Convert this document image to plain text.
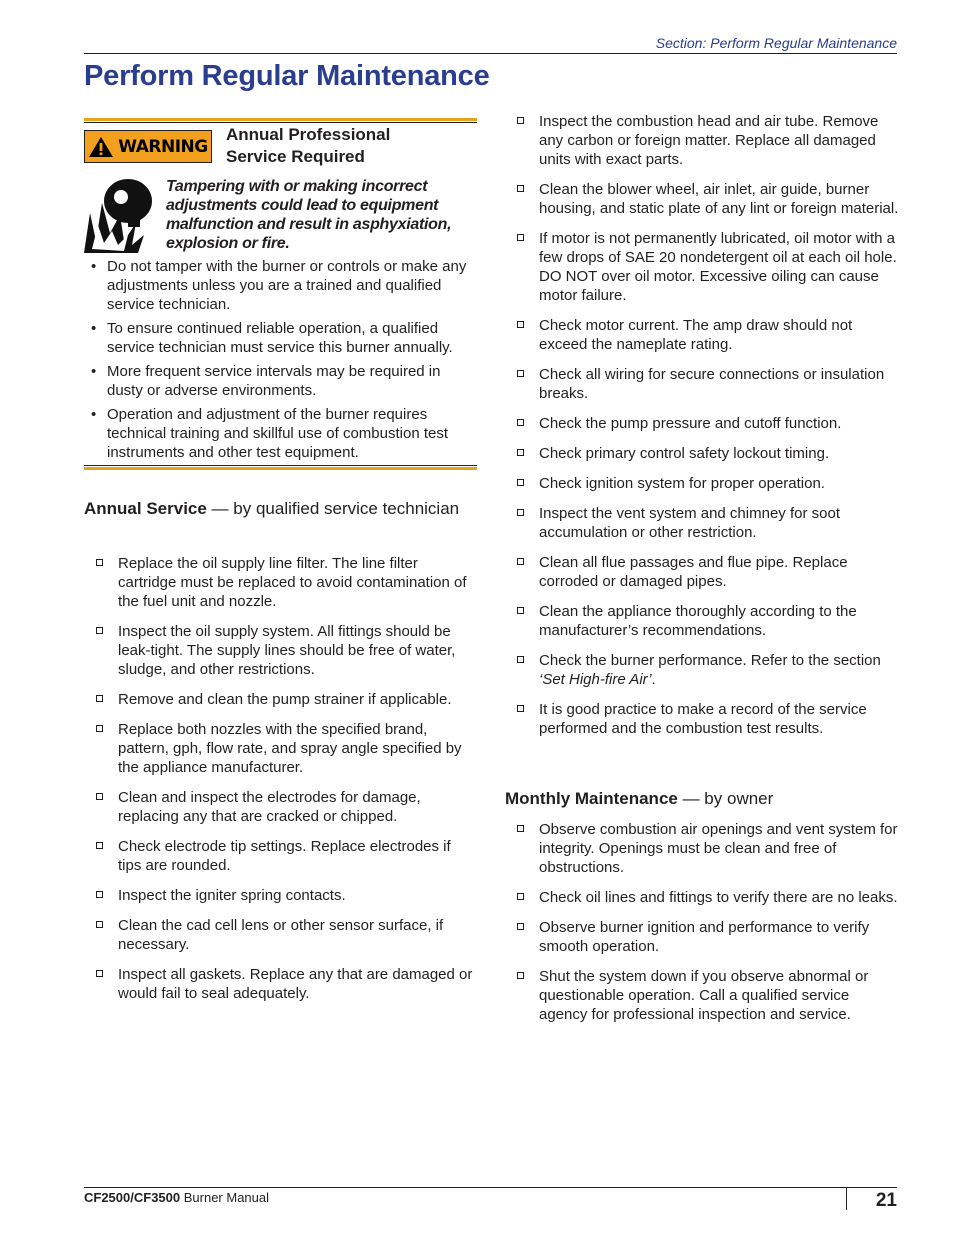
Section: Perform Regular Maintenance
Perform Regular Maintenance
WARNING
Annual Professional
Service Required
Tampering with or making incorrect adjustments could lead to equipment malfunction and result in asphyxiation, explosion or fire.
• Do not tamper with the burner or controls or make any adjustments unless you are a trained and qualified service technician.
• To ensure continued reliable operation, a qualified service technician must service this burner annually.
• More frequent service intervals may be required in dusty or adverse environments.
• Operation and adjustment of the burner requires technical training and skillful use of combustion test instruments and other test equipment.
Annual Service — by qualified service technician
Replace the oil supply line filter. The line filter cartridge must be replaced to avoid contamination of the fuel unit and nozzle.
Inspect the oil supply system. All fittings should be leak-tight. The supply lines should be free of water, sludge, and other restrictions.
Remove and clean the pump strainer if applicable.
Replace both nozzles with the specified brand, pattern, gph, flow rate, and spray angle specified by the appliance manufacturer.
Clean and inspect the electrodes for damage, replacing any that are cracked or chipped.
Check electrode tip settings. Replace electrodes if tips are rounded.
Inspect the igniter spring contacts.
Clean the cad cell lens or other sensor surface, if necessary.
Inspect all gaskets. Replace any that are damaged or would fail to seal adequately.
Inspect the combustion head and air tube. Remove any carbon or foreign matter. Replace all damaged units with exact parts.
Clean the blower wheel, air inlet, air guide, burner housing, and static plate of any lint or foreign material.
If motor is not permanently lubricated, oil motor with a few drops of SAE 20 nondetergent oil at each oil hole. DO NOT over oil motor. Excessive oiling can cause motor failure.
Check motor current. The amp draw should not exceed the nameplate rating.
Check all wiring for secure connections or insulation breaks.
Check the pump pressure and cutoff function.
Check primary control safety lockout timing.
Check ignition system for proper operation.
Inspect the vent system and chimney for soot accumulation or other restriction.
Clean all flue passages and flue pipe. Replace corroded or damaged pipes.
Clean the appliance thoroughly according to the manufacturer’s recommendations.
Check the burner performance. Refer to the section ‘Set High-fire Air’.
It is good practice to make a record of the service performed and the combustion test results.
Monthly Maintenance — by owner
Observe combustion air openings and vent system for integrity. Openings must be clean and free of obstructions.
Check oil lines and fittings to verify there are no leaks.
Observe burner ignition and performance to verify smooth operation.
Shut the system down if you observe abnormal or questionable operation. Call a qualified service agency for professional inspection and service.
CF2500/CF3500 Burner Manual	21
